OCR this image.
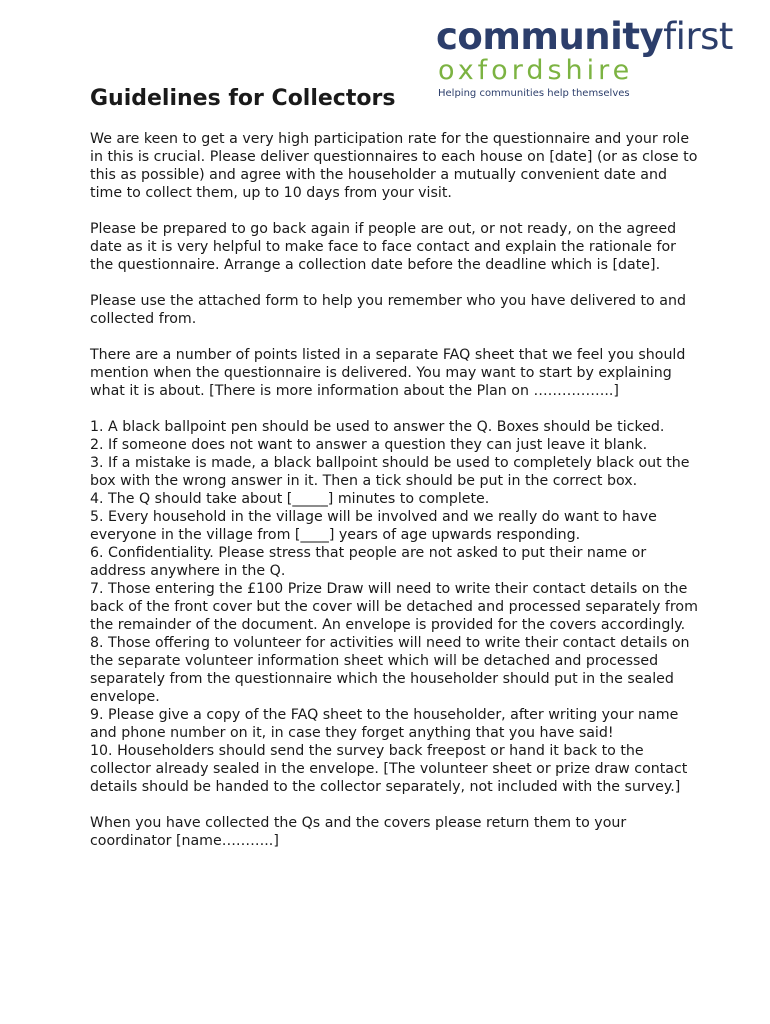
communityfirst
oxfordshire
Helping communities help themselves
Guidelines for Collectors

We are keen to get a very high participation rate for the questionnaire and your role in this is crucial. Please deliver questionnaires to each house on [date] (or as close to this as possible) and agree with the householder a mutually convenient date and time to collect them, up to 10 days from your visit.

Please be prepared to go back again if people are out, or not ready, on the agreed date as it is very helpful to make face to face contact and explain the rationale for the questionnaire. Arrange a collection date before the deadline which is [date].

Please use the attached form to help you remember who you have delivered to and collected from.

There are a number of points listed in a separate FAQ sheet that we feel you should mention when the questionnaire is delivered. You may want to start by explaining what it is about. [There is more information about the Plan on ……………..]

1. A black ballpoint pen should be used to answer the Q. Boxes should be ticked.
2. If someone does not want to answer a question they can just leave it blank.
3. If a mistake is made, a black ballpoint should be used to completely black out the box with the wrong answer in it. Then a tick should be put in the correct box.
4. The Q should take about [_____] minutes to complete.
5. Every household in the village will be involved and we really do want to have everyone in the village from [____] years of age upwards responding.
6. Confidentiality. Please stress that people are not asked to put their name or address anywhere in the Q.
7. Those entering the £100 Prize Draw will need to write their contact details on the back of the front cover but the cover will be detached and processed separately from the remainder of the document. An envelope is provided for the covers accordingly.
8. Those offering to volunteer for activities will need to write their contact details on the separate volunteer information sheet which will be detached and processed separately from the questionnaire which the householder should put in the sealed envelope.
9. Please give a copy of the FAQ sheet to the householder, after writing your name and phone number on it, in case they forget anything that you have said!
10. Householders should send the survey back freepost or hand it back to the collector already sealed in the envelope. [The volunteer sheet or prize draw contact details should be handed to the collector separately, not included with the survey.]

When you have collected the Qs and the covers please return them to your coordinator [name………..]
